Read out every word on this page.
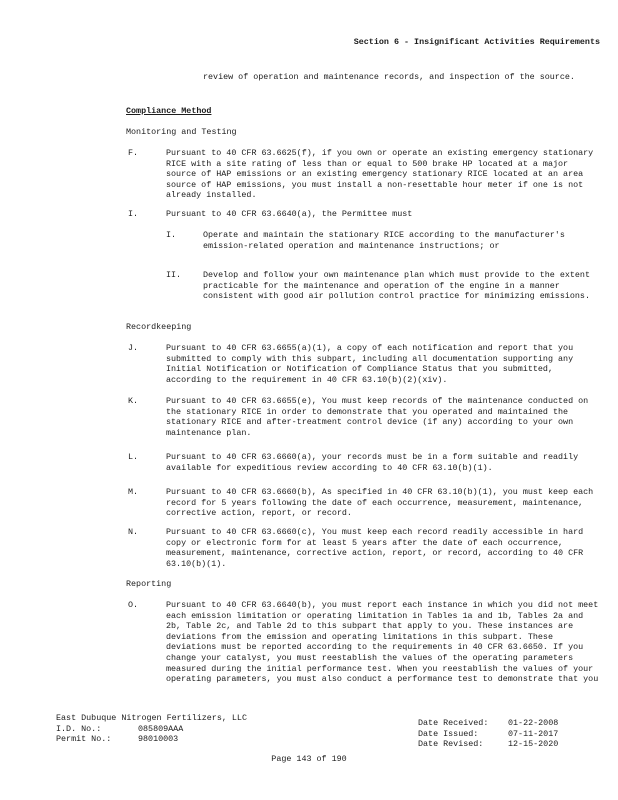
Section 6 - Insignificant Activities Requirements

review of operation and maintenance records, and inspection of the source.

Compliance Method
Monitoring and Testing
F.	Pursuant to 40 CFR 63.6625(f), if you own or operate an existing emergency stationary RICE with a site rating of less than or equal to 500 brake HP located at a major source of HAP emissions or an existing emergency stationary RICE located at an area source of HAP emissions, you must install a non-resettable hour meter if one is not already installed.

I.	Pursuant to 40 CFR 63.6640(a), the Permittee must

I.	Operate and maintain the stationary RICE according to the manufacturer's emission-related operation and maintenance instructions; or

II.	Develop and follow your own maintenance plan which must provide to the extent practicable for the maintenance and operation of the engine in a manner consistent with good air pollution control practice for minimizing emissions.

Recordkeeping
J.	Pursuant to 40 CFR 63.6655(a)(1), a copy of each notification and report that you submitted to comply with this subpart, including all documentation supporting any Initial Notification or Notification of Compliance Status that you submitted, according to the requirement in 40 CFR 63.10(b)(2)(xiv).

K.	Pursuant to 40 CFR 63.6655(e), You must keep records of the maintenance conducted on the stationary RICE in order to demonstrate that you operated and maintained the stationary RICE and after-treatment control device (if any) according to your own maintenance plan.

L.	Pursuant to 40 CFR 63.6660(a), your records must be in a form suitable and readily available for expeditious review according to 40 CFR 63.10(b)(1).

M.	Pursuant to 40 CFR 63.6660(b), As specified in 40 CFR 63.10(b)(1), you must keep each record for 5 years following the date of each occurrence, measurement, maintenance, corrective action, report, or record.

N.	Pursuant to 40 CFR 63.6660(c), You must keep each record readily accessible in hard copy or electronic form for at least 5 years after the date of each occurrence, measurement, maintenance, corrective action, report, or record, according to 40 CFR 63.10(b)(1).

Reporting
O.	Pursuant to 40 CFR 63.6640(b), you must report each instance in which you did not meet each emission limitation or operating limitation in Tables 1a and 1b, Tables 2a and 2b, Table 2c, and Table 2d to this subpart that apply to you. These instances are deviations from the emission and operating limitations in this subpart. These deviations must be reported according to the requirements in 40 CFR 63.6650. If you change your catalyst, you must reestablish the values of the operating parameters measured during the initial performance test. When you reestablish the values of your operating parameters, you must also conduct a performance test to demonstrate that you

East Dubuque Nitrogen Fertilizers, LLC
I.D. No.:	085809AAA
Permit No.:	98010003
Date Received:	01-22-2008
Date Issued:	07-11-2017
Date Revised:	12-15-2020
Page 143 of 190
